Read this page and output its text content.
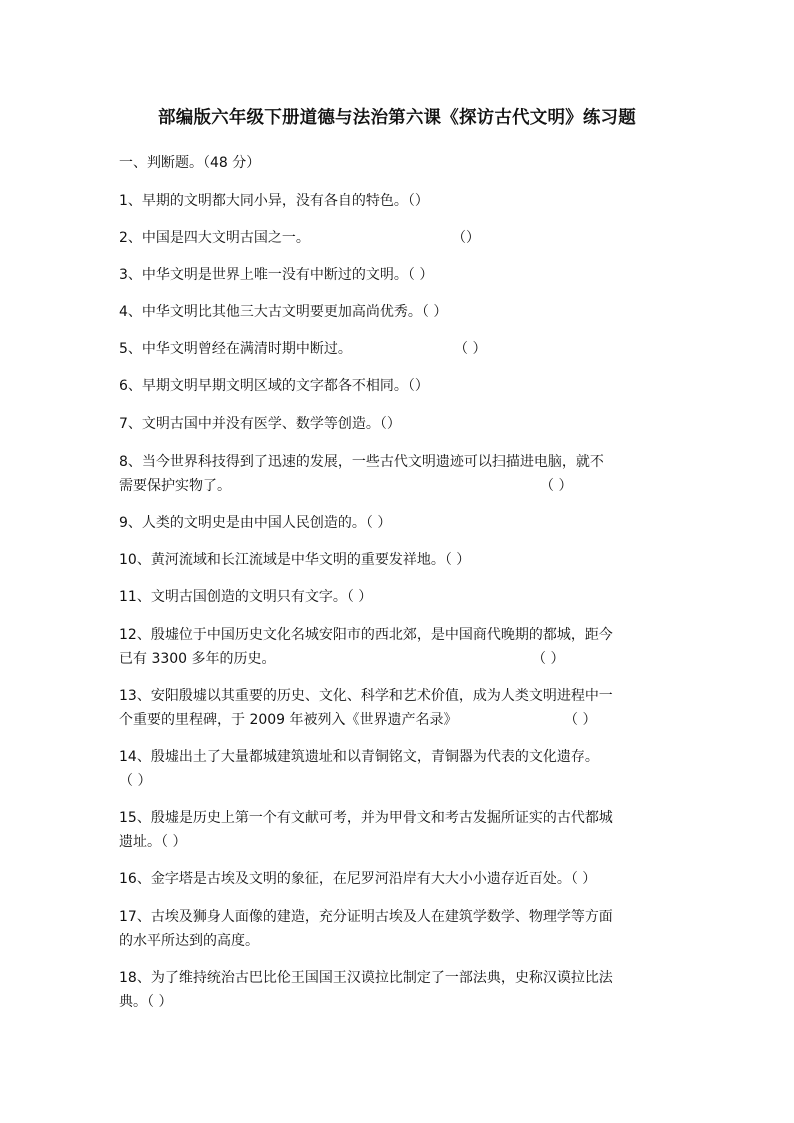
部编版六年级下册道德与法治第六课《探访古代文明》练习题
一、判断题。（48 分）
1、早期的文明都大同小异，没有各自的特色。（）
2、中国是四大文明古国之一。	（）
3、中华文明是世界上唯一没有中断过的文明。（ ）
4、中华文明比其他三大古文明要更加高尚优秀。（ ）
5、中华文明曾经在满清时期中断过。	（ ）
6、早期文明早期文明区域的文字都各不相同。（）
7、文明古国中并没有医学、数学等创造。（）
8、当今世界科技得到了迅速的发展，一些古代文明遗迹可以扫描进电脑，就不
需要保护实物了。	（ ）
9、人类的文明史是由中国人民创造的。（ ）
10、黄河流域和长江流域是中华文明的重要发祥地。（ ）
11、文明古国创造的文明只有文字。（ ）
12、殷墟位于中国历史文化名城安阳市的西北郊，是中国商代晚期的都城，距今
已有 3300 多年的历史。	（ ）
13、安阳殷墟以其重要的历史、文化、科学和艺术价值，成为人类文明进程中一
个重要的里程碑，于 2009 年被列入《世界遗产名录》	（ ）
14、殷墟出土了大量都城建筑遗址和以青铜铭文，青铜器为代表的文化遗存。
（ ）
15、殷墟是历史上第一个有文献可考，并为甲骨文和考古发掘所证实的古代都城
遗址。（ ）
16、金字塔是古埃及文明的象征，在尼罗河沿岸有大大小小遗存近百处。（ ）
17、古埃及狮身人面像的建造，充分证明古埃及人在建筑学数学、物理学等方面
的水平所达到的高度。
18、为了维持统治古巴比伦王国国王汉谟拉比制定了一部法典，史称汉谟拉比法
典。（ ）
